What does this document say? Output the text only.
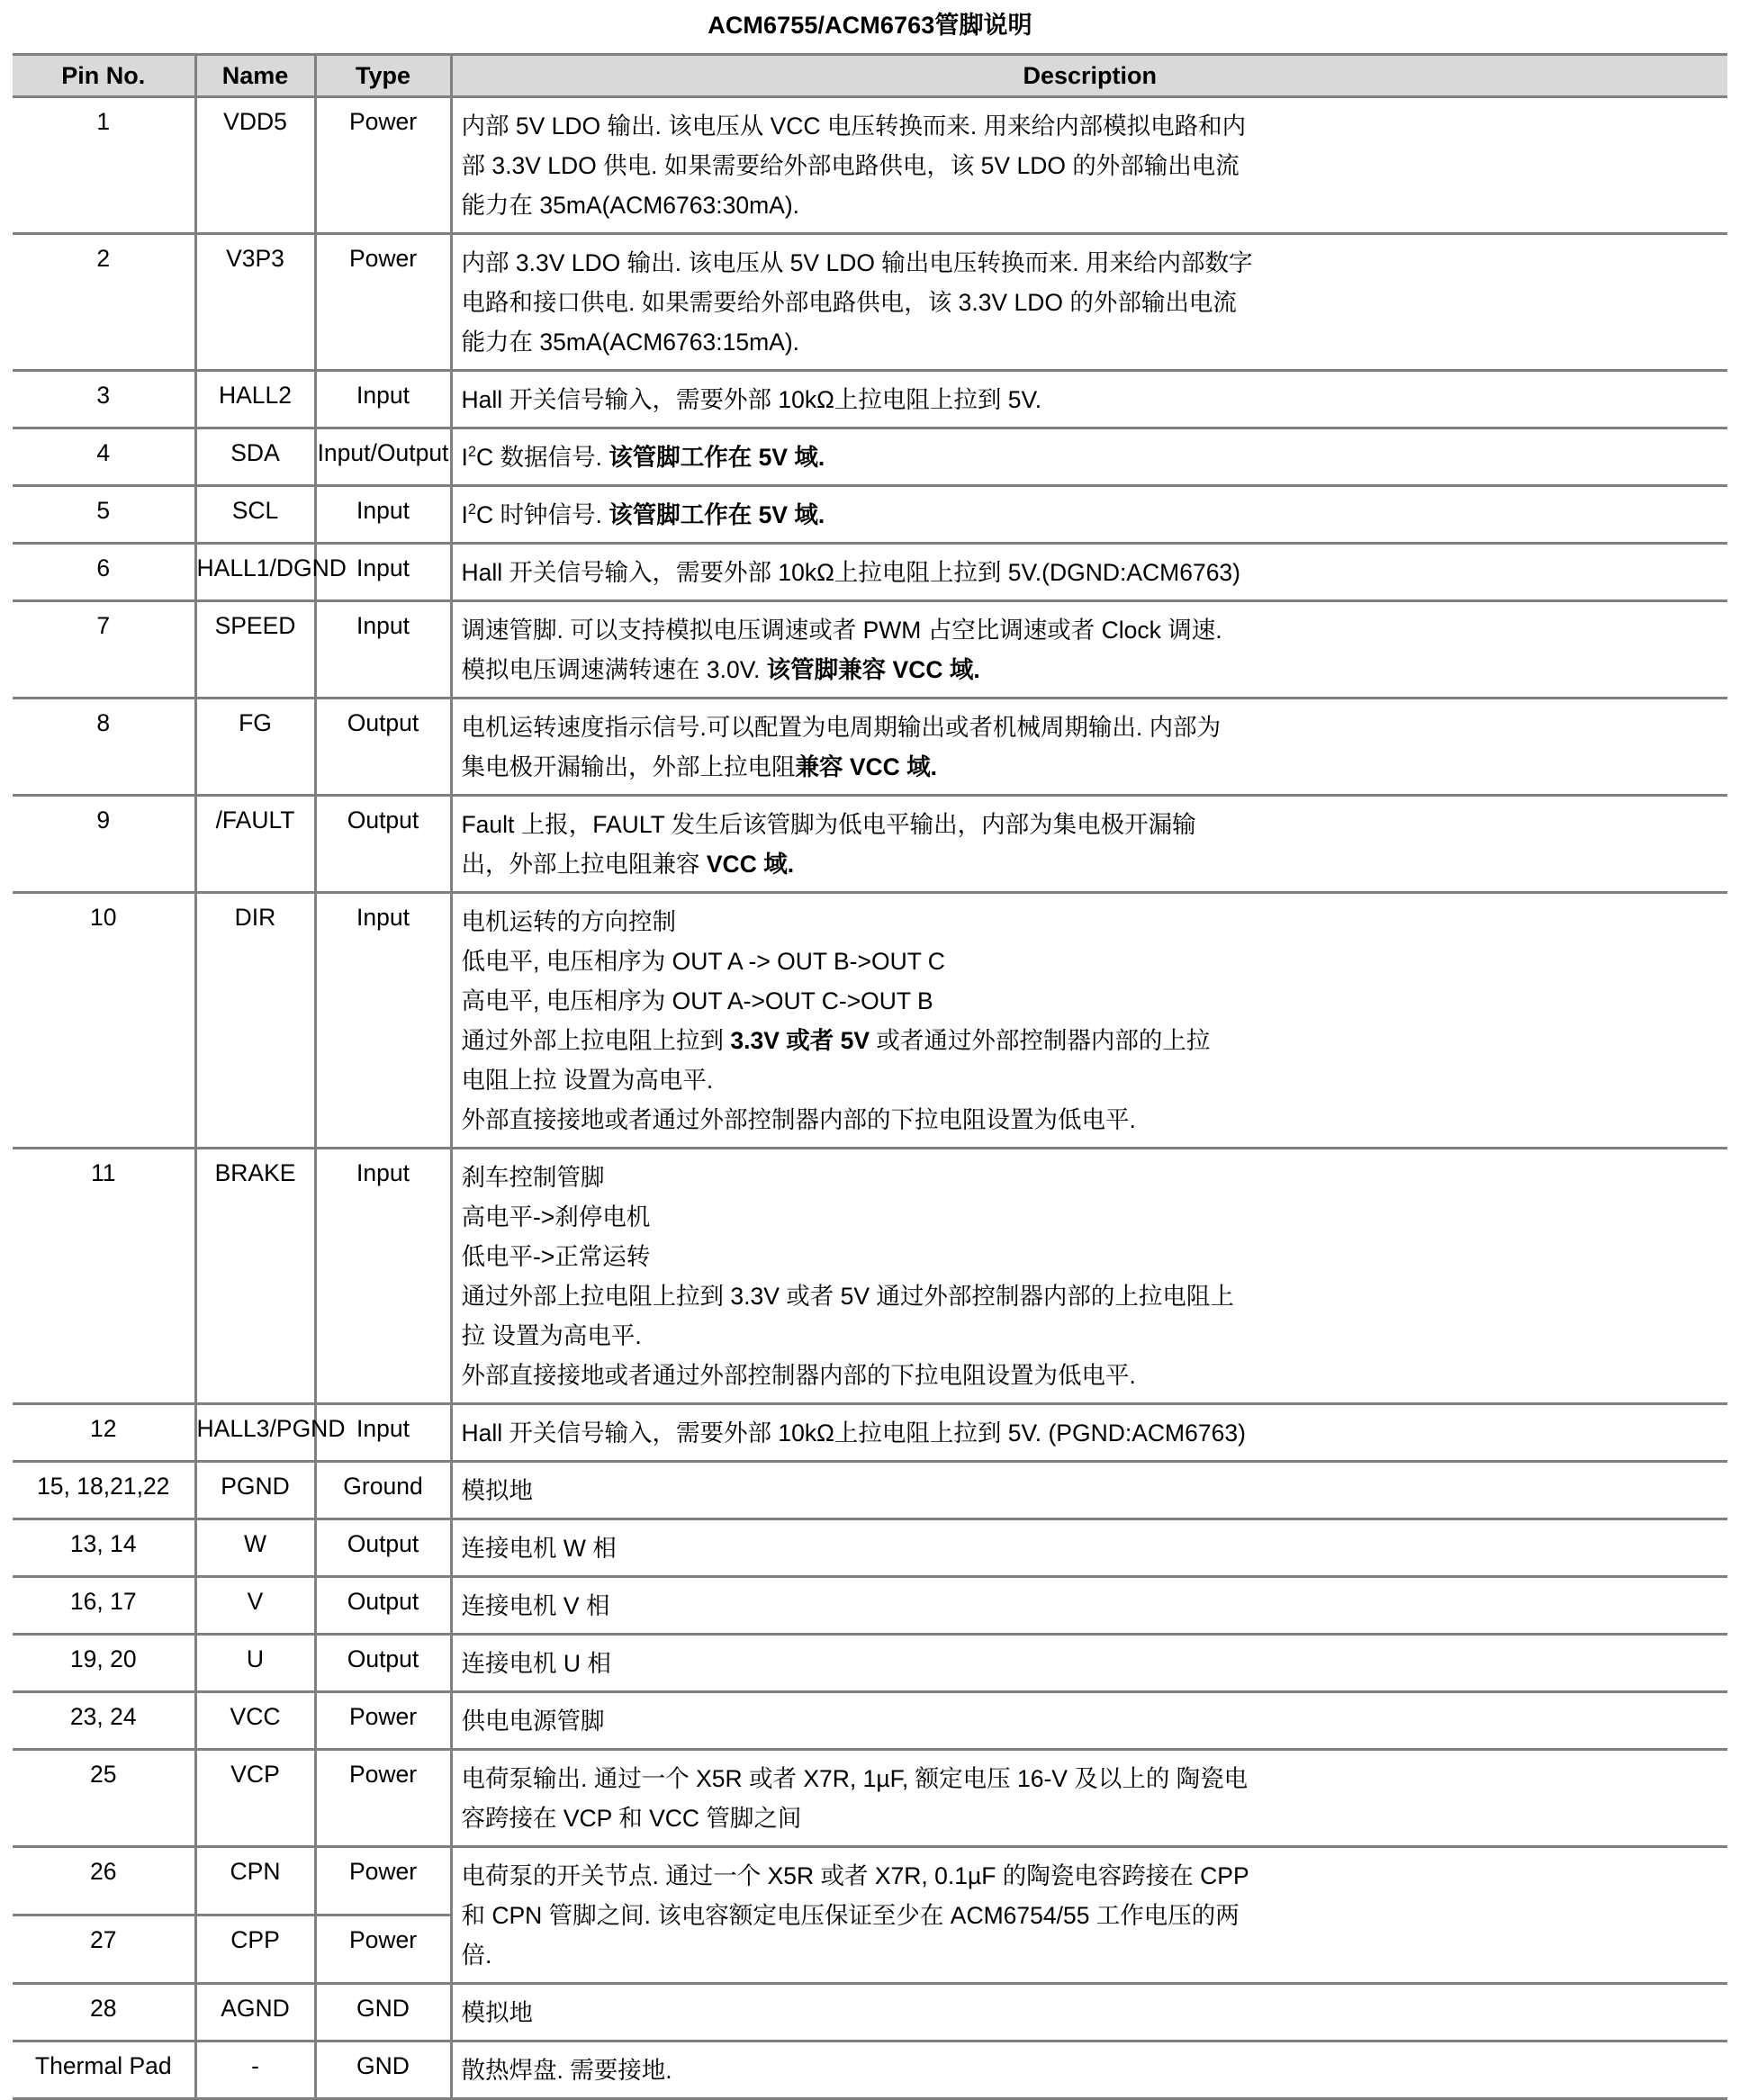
ACM6755/ACM6763管脚说明
Pin No.	Name	Type	Description

1	VDD5	Power	内部 5V LDO 输出. 该电压从 VCC 电压转换而来. 用来给内部模拟电路和内
部 3.3V LDO 供电. 如果需要给外部电路供电，该 5V LDO 的外部输出电流
能力在 35mA(ACM6763:30mA).

2	V3P3	Power	内部 3.3V LDO 输出. 该电压从 5V LDO 输出电压转换而来. 用来给内部数字
电路和接口供电. 如果需要给外部电路供电，该 3.3V LDO 的外部输出电流
能力在 35mA(ACM6763:15mA).

3	HALL2	Input	Hall 开关信号输入，需要外部 10kΩ上拉电阻上拉到 5V.

4	SDA	Input/Output	$I^2C$ 数据信号. 该管脚工作在 5V 域.

5	SCL	Input	$I^2C$ 时钟信号. 该管脚工作在 5V 域.

6	HALL1/DGND	Input	Hall 开关信号输入，需要外部 10kΩ上拉电阻上拉到 5V.(DGND:ACM6763)

7	SPEED	Input	调速管脚. 可以支持模拟电压调速或者 PWM 占空比调速或者 Clock 调速.
模拟电压调速满转速在 3.0V. 该管脚兼容 VCC 域.

8	FG	Output	电机运转速度指示信号.可以配置为电周期输出或者机械周期输出. 内部为
集电极开漏输出，外部上拉电阻兼容 VCC 域.

9	/FAULT	Output	Fault 上报，FAULT 发生后该管脚为低电平输出，内部为集电极开漏输
出，外部上拉电阻兼容 VCC 域.

10	DIR	Input	电机运转的方向控制
低电平, 电压相序为 OUT A -> OUT B->OUT C
高电平, 电压相序为 OUT A->OUT C->OUT B
通过外部上拉电阻上拉到 3.3V 或者 5V 或者通过外部控制器内部的上拉
电阻上拉 设置为高电平.
外部直接接地或者通过外部控制器内部的下拉电阻设置为低电平.

11	BRAKE	Input	刹车控制管脚
高电平->刹停电机
低电平->正常运转
通过外部上拉电阻上拉到 3.3V 或者 5V 通过外部控制器内部的上拉电阻上
拉 设置为高电平.
外部直接接地或者通过外部控制器内部的下拉电阻设置为低电平.

12	HALL3/PGND	Input	Hall 开关信号输入，需要外部 10kΩ上拉电阻上拉到 5V. (PGND:ACM6763)

15, 18,21,22	PGND	Ground	模拟地

13, 14	W	Output	连接电机 W 相

16, 17	V	Output	连接电机 V 相

19, 20	U	Output	连接电机 U 相

23, 24	VCC	Power	供电电源管脚

25	VCP	Power	电荷泵输出. 通过一个 X5R 或者 X7R, 1µF, 额定电压 16-V 及以上的 陶瓷电
容跨接在 VCP 和 VCC 管脚之间

26	CPN	Power	电荷泵的开关节点. 通过一个 X5R 或者 X7R, 0.1µF 的陶瓷电容跨接在 CPP
和 CPN 管脚之间. 该电容额定电压保证至少在 ACM6754/55 工作电压的两
倍.

27	CPP	Power	

28	AGND	GND	模拟地

Thermal Pad	-	GND	散热焊盘. 需要接地.
